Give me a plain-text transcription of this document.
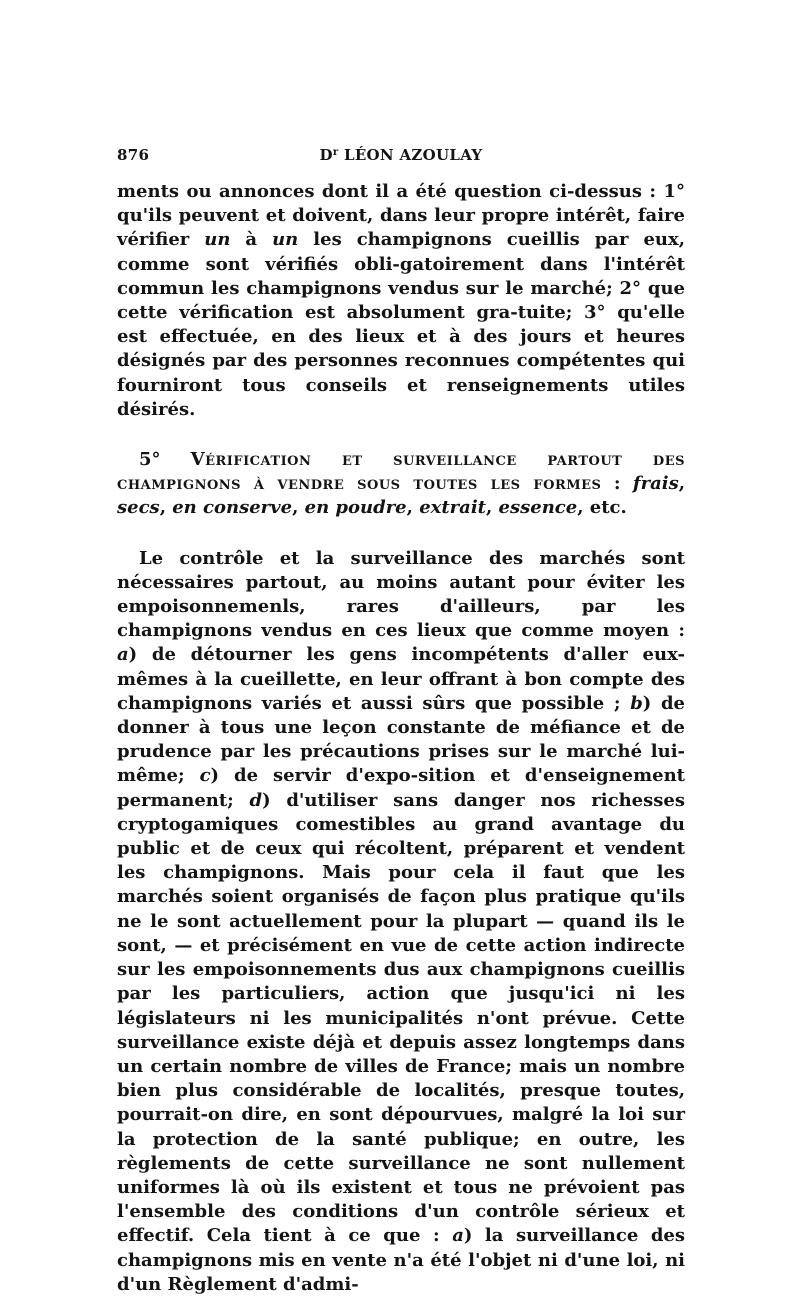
876	$D^r$ LÉON AZOULAY

ments ou annonces dont il a été question ci-dessus : 1° qu'ils peuvent et doivent, dans leur propre intérêt, faire vérifier un à un les champignons cueillis par eux, comme sont vérifiés obli-gatoirement dans l'intérêt commun les champignons vendus sur le marché; 2° que cette vérification est absolument gra-tuite; 3° qu'elle est effectuée, en des lieux et à des jours et heures désignés par des personnes reconnues compétentes qui fourniront tous conseils et renseignements utiles désirés.

5° Vérification et surveillance partout des champignons à vendre sous toutes les formes : frais, secs, en conserve, en poudre, extrait, essence, etc.

Le contrôle et la surveillance des marchés sont nécessaires partout, au moins autant pour éviter les empoisonnemenls, rares d'ailleurs, par les champignons vendus en ces lieux que comme moyen : a) de détourner les gens incompétents d'aller eux-mêmes à la cueillette, en leur offrant à bon compte des champignons variés et aussi sûrs que possible ; b) de donner à tous une leçon constante de méfiance et de prudence par les précautions prises sur le marché lui-même; c) de servir d'expo-sition et d'enseignement permanent; d) d'utiliser sans danger nos richesses cryptogamiques comestibles au grand avantage du public et de ceux qui récoltent, préparent et vendent les champignons. Mais pour cela il faut que les marchés soient organisés de façon plus pratique qu'ils ne le sont actuellement pour la plupart — quand ils le sont, — et précisément en vue de cette action indirecte sur les empoisonnements dus aux champignons cueillis par les particuliers, action que jusqu'ici ni les législateurs ni les municipalités n'ont prévue. Cette surveillance existe déjà et depuis assez longtemps dans un certain nombre de villes de France; mais un nombre bien plus considérable de localités, presque toutes, pourrait-on dire, en sont dépourvues, malgré la loi sur la protection de la santé publique; en outre, les règlements de cette surveillance ne sont nullement uniformes là où ils existent et tous ne prévoient pas l'ensemble des conditions d'un contrôle sérieux et effectif. Cela tient à ce que : a) la surveillance des champignons mis en vente n'a été l'objet ni d'une loi, ni d'un Règlement d'admi-
